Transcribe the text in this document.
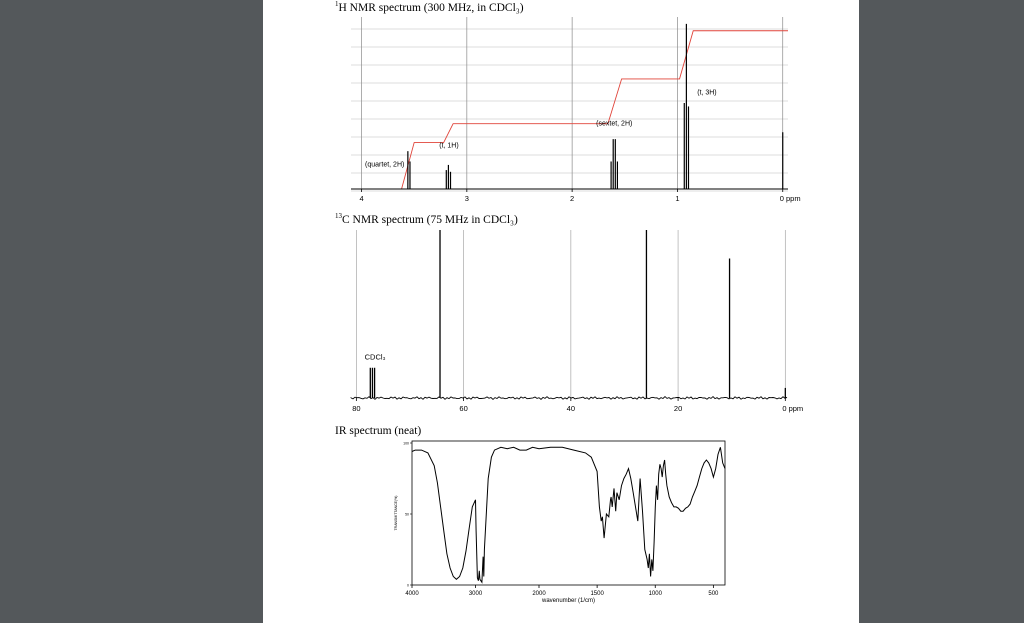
$^1$H NMR spectrum (300 MHz, in CDCl₃)
$^{13}$C NMR spectrum (75 MHz in CDCl₃)
IR spectrum (neat)
4	3	2	1	0 ppm
(quartet, 2H)
(t, 1H)
(sextet, 2H)
(t, 3H)
80	60	40	20	0 ppm
CDCl₃
4000	3000	2000	1500	1000	500
100
50
0
wavenumber (1/cm)
TRANSMITTANCE(%)
